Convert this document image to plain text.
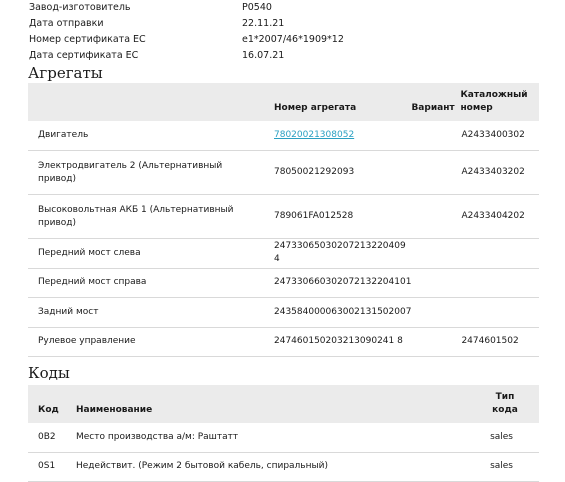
Завод-изготовитель	P0540
Дата отправки	22.11.21
Номер сертификата ЕС	e1*2007/46*1909*12
Дата сертификата ЕС	16.07.21
Агрегаты
	Номер агрегата	Вариант	Каталожный номер
Двигатель	78020021308052		A2433400302
Электродвигатель 2 (Альтернативный привод)	78050021292093		A2433403202
Высоковольтная АКБ 1 (Альтернативный привод)	789061FA012528		A2433404202
Передний мост слева	24733065030207213220409 4		
Передний мост справа	247330660302072132204101		
Задний мост	243584000063002131502007		
Рулевое управление	247460150203213090241 8		2474601502
Коды
Код	Наименование	Тип кода
0B2	Место производства а/м: Раштатт	sales
0S1	Недействит. (Режим 2 бытовой кабель, спиральный)	sales
